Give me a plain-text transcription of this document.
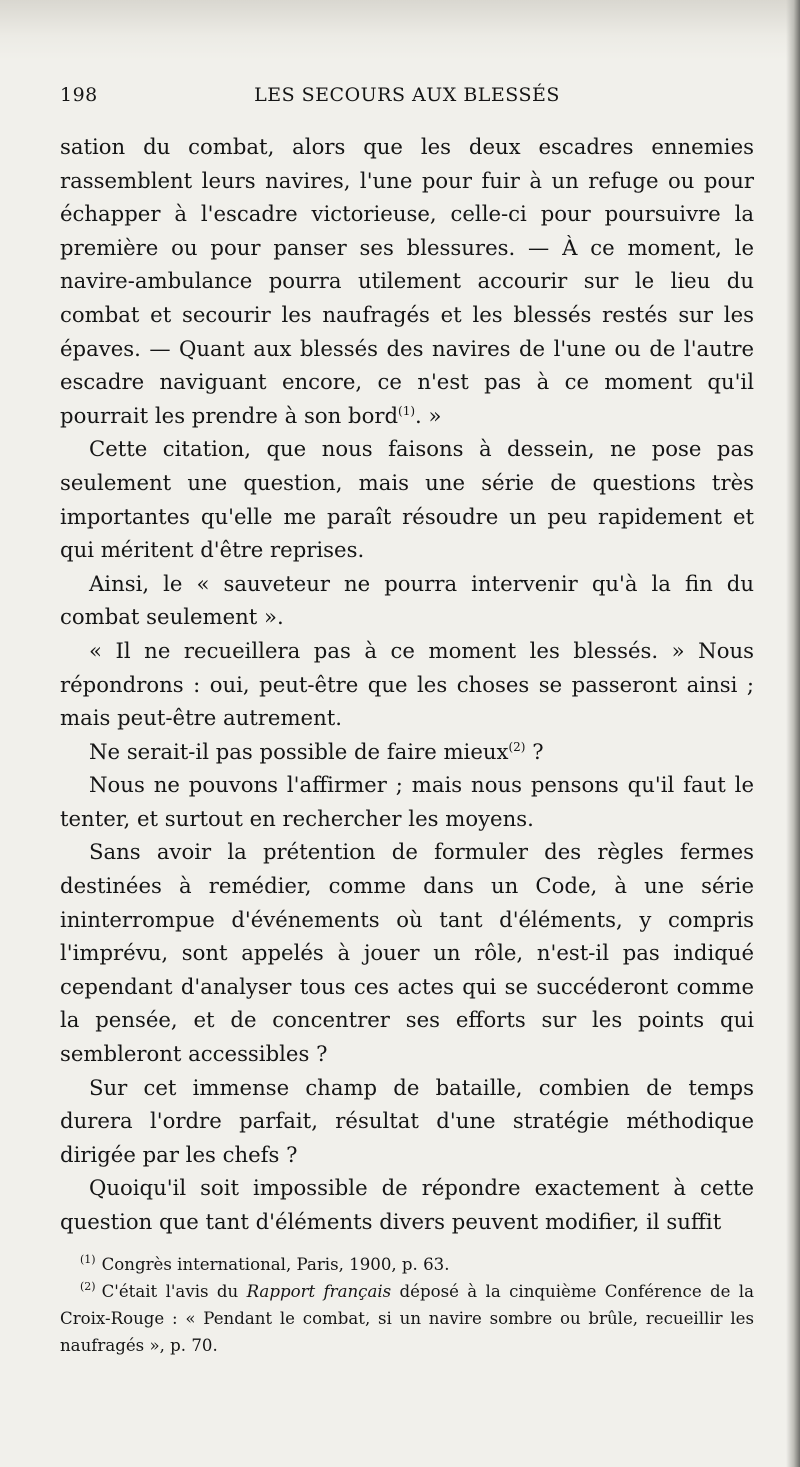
198	LES SECOURS AUX BLESSÉS

sation du combat, alors que les deux escadres ennemies rassemblent leurs navires, l'une pour fuir à un refuge ou pour échapper à l'escadre victorieuse, celle-ci pour poursuivre la première ou pour panser ses blessures. — À ce moment, le navire-ambulance pourra utilement accourir sur le lieu du combat et secourir les naufragés et les blessés restés sur les épaves. — Quant aux blessés des navires de l'une ou de l'autre escadre naviguant encore, ce n'est pas à ce moment qu'il pourrait les prendre à son bord$^{(1)}$. »

Cette citation, que nous faisons à dessein, ne pose pas seulement une question, mais une série de questions très importantes qu'elle me paraît résoudre un peu rapidement et qui méritent d'être reprises.

Ainsi, le « sauveteur ne pourra intervenir qu'à la fin du combat seulement ».

« Il ne recueillera pas à ce moment les blessés. » Nous répondrons : oui, peut-être que les choses se passeront ainsi ; mais peut-être autrement.

Ne serait-il pas possible de faire mieux$^{(2)}$ ?

Nous ne pouvons l'affirmer ; mais nous pensons qu'il faut le tenter, et surtout en rechercher les moyens.

Sans avoir la prétention de formuler des règles fermes destinées à remédier, comme dans un Code, à une série ininterrompue d'événements où tant d'éléments, y compris l'imprévu, sont appelés à jouer un rôle, n'est-il pas indiqué cependant d'analyser tous ces actes qui se succéderont comme la pensée, et de concentrer ses efforts sur les points qui sembleront accessibles ?

Sur cet immense champ de bataille, combien de temps durera l'ordre parfait, résultat d'une stratégie méthodique dirigée par les chefs ?

Quoiqu'il soit impossible de répondre exactement à cette question que tant d'éléments divers peuvent modifier, il suffit

$^{(1)}$ Congrès international, Paris, 1900, p. 63.

$^{(2)}$ C'était l'avis du Rapport français déposé à la cinquième Conférence de la Croix-Rouge : « Pendant le combat, si un navire sombre ou brûle, recueillir les naufragés », p. 70.
